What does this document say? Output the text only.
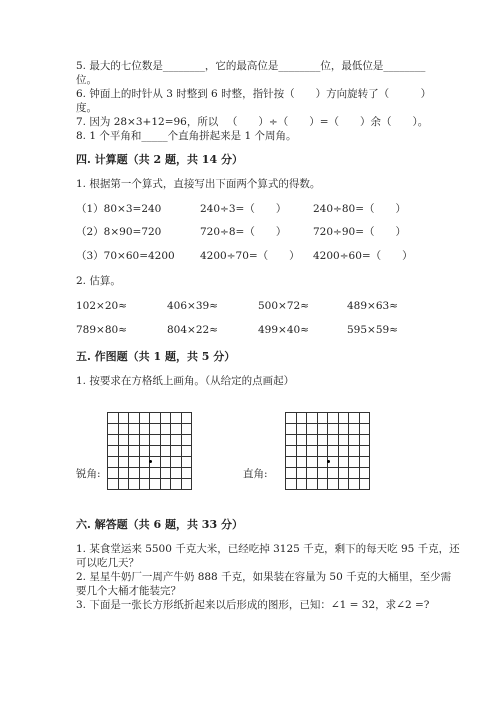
5. 最大的七位数是________，它的最高位是________位，最低位是________
位。
6. 钟面上的时针从 3 时整到 6 时整，指针按（　　）方向旋转了（　　　）
度。
7. 因为 28×3+12=96，所以 　（　　）÷（　　）=（　　）余（　　）。
8. 1 个平角和_____个直角拼起来是 1 个周角。
四. 计算题（共 2 题，共 14 分）
1. 根据第一个算式，直接写出下面两个算式的得数。
（1）80×3=240	240÷3=（　　）	240÷80=（　　）
（2）8×90=720	720÷8=（　　）	720÷90=（　　）
（3）70×60=4200 4200÷70=（　　） 4200÷60=（　　）
2. 估算。
102×20≈	406×39≈	500×72≈	489×63≈
789×80≈	804×22≈	499×40≈	595×59≈
五. 作图题（共 1 题，共 5 分）
1. 按要求在方格纸上画角。（从给定的点画起）
锐角:	直角:
六. 解答题（共 6 题，共 33 分）
1. 某食堂运来 5500 千克大米，已经吃掉 3125 千克，剩下的每天吃 95 千克，还
可以吃几天？
2. 星星牛奶厂一周产牛奶 888 千克，如果装在容量为 50 千克的大桶里，至少需
要几个大桶才能装完？
3. 下面是一张长方形纸折起来以后形成的图形，已知：∠1 = 32，求∠2 =?
